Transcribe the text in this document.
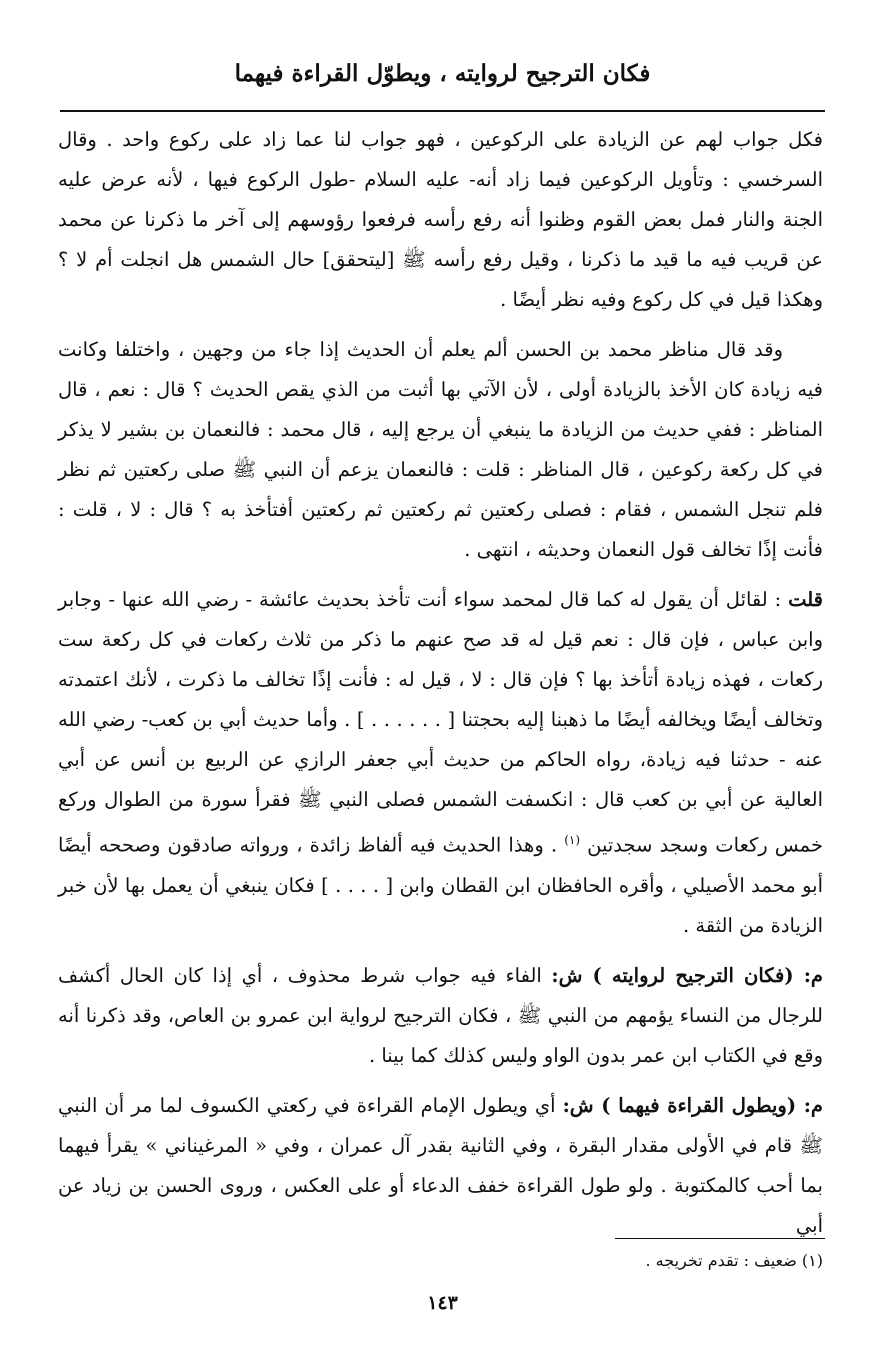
فكان الترجيح لروايته ، ويطوّل القراءة فيهما

فكل جواب لهم عن الزيادة على الركوعين ، فهو جواب لنا عما زاد على ركوع واحد . وقال السرخسي : وتأويل الركوعين فيما زاد أنه- عليه السلام -طول الركوع فيها ، لأنه عرض عليه الجنة والنار فمل بعض القوم وظنوا أنه رفع رأسه فرفعوا رؤوسهم إلى آخر ما ذكرنا عن محمد عن قريب فيه ما قيد ما ذكرنا ، وقيل رفع رأسه ﷺ [ليتحقق] حال الشمس هل انجلت أم لا ؟ وهكذا قيل في كل ركوع وفيه نظر أيضًا .

وقد قال مناظر محمد بن الحسن ألم يعلم أن الحديث إذا جاء من وجهين ، واختلفا وكانت فيه زيادة كان الأخذ بالزيادة أولى ، لأن الآتي بها أثبت من الذي يقص الحديث ؟ قال : نعم ، قال المناظر : ففي حديث من الزيادة ما ينبغي أن يرجع إليه ، قال محمد : فالنعمان بن بشير لا يذكر في كل ركعة ركوعين ، قال المناظر : قلت : فالنعمان يزعم أن النبي ﷺ صلى ركعتين ثم نظر فلم تنجل الشمس ، فقام : فصلى ركعتين ثم ركعتين ثم ركعتين أفتأخذ به ؟ قال : لا ، قلت : فأنت إذًا تخالف قول النعمان وحديثه ، انتهى .

قلت : لقائل أن يقول له كما قال لمحمد سواء أنت تأخذ بحديث عائشة - رضي الله عنها - وجابر وابن عباس ، فإن قال : نعم قيل له قد صح عنهم ما ذكر من ثلاث ركعات في كل ركعة ست ركعات ، فهذه زيادة أتأخذ بها ؟ فإن قال : لا ، قيل له : فأنت إذًا تخالف ما ذكرت ، لأنك اعتمدته وتخالف أيضًا ويخالفه أيضًا ما ذهبنا إليه بحجتنا [ . . . . . . ] . وأما حديث أبي بن كعب- رضي الله عنه - حدثنا فيه زيادة، رواه الحاكم من حديث أبي جعفر الرازي عن الربيع بن أنس عن أبي العالية عن أبي بن كعب قال : انكسفت الشمس فصلى النبي ﷺ فقرأ سورة من الطوال وركع خمس ركعات وسجد سجدتين $^{(١)}$ . وهذا الحديث فيه ألفاظ زائدة ، ورواته صادقون وصححه أيضًا أبو محمد الأصيلي ، وأقره الحافظان ابن القطان وابن [ . . . . ] فكان ينبغي أن يعمل بها لأن خبر الزيادة من الثقة .

م: (فكان الترجيح لروايته ) ش: الفاء فيه جواب شرط محذوف ، أي إذا كان الحال أكشف للرجال من النساء يؤمهم من النبي ﷺ ، فكان الترجيح لرواية ابن عمرو بن العاص، وقد ذكرنا أنه وقع في الكتاب ابن عمر بدون الواو وليس كذلك كما بينا .

م: (ويطول القراءة فيهما ) ش: أي ويطول الإمام القراءة في ركعتي الكسوف لما مر أن النبي ﷺ قام في الأولى مقدار البقرة ، وفي الثانية بقدر آل عمران ، وفي « المرغيناني » يقرأ فيهما بما أحب كالمكتوبة . ولو طول القراءة خفف الدعاء أو على العكس ، وروى الحسن بن زياد عن أبي

(١) ضعيف : تقدم تخريجه .
١٤٣
